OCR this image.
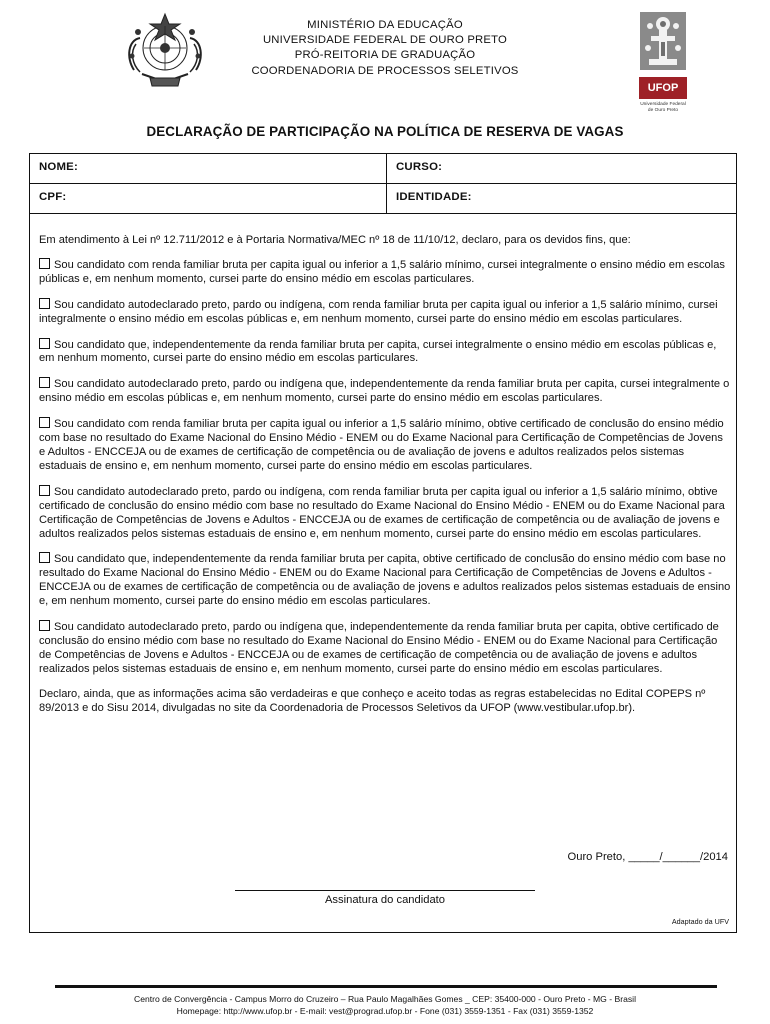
MINISTÉRIO DA EDUCAÇÃO
UNIVERSIDADE FEDERAL DE OURO PRETO
PRÓ-REITORIA DE GRADUAÇÃO
COORDENADORIA DE PROCESSOS SELETIVOS
UFOP
Universidade Federal
de Ouro Preto
DECLARAÇÃO DE PARTICIPAÇÃO NA POLÍTICA DE RESERVA DE VAGAS
NOME:	CURSO:
CPF:	IDENTIDADE:

Em atendimento à Lei nº 12.711/2012 e à Portaria Normativa/MEC nº 18 de 11/10/12, declaro, para os devidos fins, que:

Sou candidato com renda familiar bruta per capita igual ou inferior a 1,5 salário mínimo, cursei integralmente o ensino médio em escolas públicas e, em nenhum momento, cursei parte do ensino médio em escolas particulares.

Sou candidato autodeclarado preto, pardo ou indígena, com renda familiar bruta per capita igual ou inferior a 1,5 salário mínimo, cursei integralmente o ensino médio em escolas públicas e, em nenhum momento, cursei parte do ensino médio em escolas particulares.

Sou candidato que, independentemente da renda familiar bruta per capita, cursei integralmente o ensino médio em escolas públicas e, em nenhum momento, cursei parte do ensino médio em escolas particulares.

Sou candidato autodeclarado preto, pardo ou indígena que, independentemente da renda familiar bruta per capita, cursei integralmente o ensino médio em escolas públicas e, em nenhum momento, cursei parte do ensino médio em escolas particulares.

Sou candidato com renda familiar bruta per capita igual ou inferior a 1,5 salário mínimo, obtive certificado de conclusão do ensino médio com base no resultado do Exame Nacional do Ensino Médio - ENEM ou do Exame Nacional para Certificação de Competências de Jovens e Adultos - ENCCEJA ou de exames de certificação de competência ou de avaliação de jovens e adultos realizados pelos sistemas estaduais de ensino e, em nenhum momento, cursei parte do ensino médio em escolas particulares.

Sou candidato autodeclarado preto, pardo ou indígena, com renda familiar bruta per capita igual ou inferior a 1,5 salário mínimo, obtive certificado de conclusão do ensino médio com base no resultado do Exame Nacional do Ensino Médio - ENEM ou do Exame Nacional para Certificação de Competências de Jovens e Adultos - ENCCEJA ou de exames de certificação de competência ou de avaliação de jovens e adultos realizados pelos sistemas estaduais de ensino e, em nenhum momento, cursei parte do ensino médio em escolas particulares.

Sou candidato que, independentemente da renda familiar bruta per capita, obtive certificado de conclusão do ensino médio com base no resultado do Exame Nacional do Ensino Médio - ENEM ou do Exame Nacional para Certificação de Competências de Jovens e Adultos - ENCCEJA ou de exames de certificação de competência ou de avaliação de jovens e adultos realizados pelos sistemas estaduais de ensino e, em nenhum momento, cursei parte do ensino médio em escolas particulares.

Sou candidato autodeclarado preto, pardo ou indígena que, independentemente da renda familiar bruta per capita, obtive certificado de conclusão do ensino médio com base no resultado do Exame Nacional do Ensino Médio - ENEM ou do Exame Nacional para Certificação de Competências de Jovens e Adultos - ENCCEJA ou de exames de certificação de competência ou de avaliação de jovens e adultos realizados pelos sistemas estaduais de ensino e, em nenhum momento, cursei parte do ensino médio em escolas particulares.

Declaro, ainda, que as informações acima são verdadeiras e que conheço e aceito todas as regras estabelecidas no Edital COPEPS nº 89/2013 e do Sisu 2014, divulgadas no site da Coordenadoria de Processos Seletivos da UFOP (www.vestibular.ufop.br).

Ouro Preto, _____/______/2014
Assinatura do candidato
Adaptado da UFV
Centro de Convergência - Campus Morro do Cruzeiro – Rua Paulo Magalhães Gomes _ CEP: 35400-000 - Ouro Preto - MG - Brasil
Homepage: http://www.ufop.br - E-mail: vest@prograd.ufop.br - Fone (031) 3559-1351 - Fax (031) 3559-1352
